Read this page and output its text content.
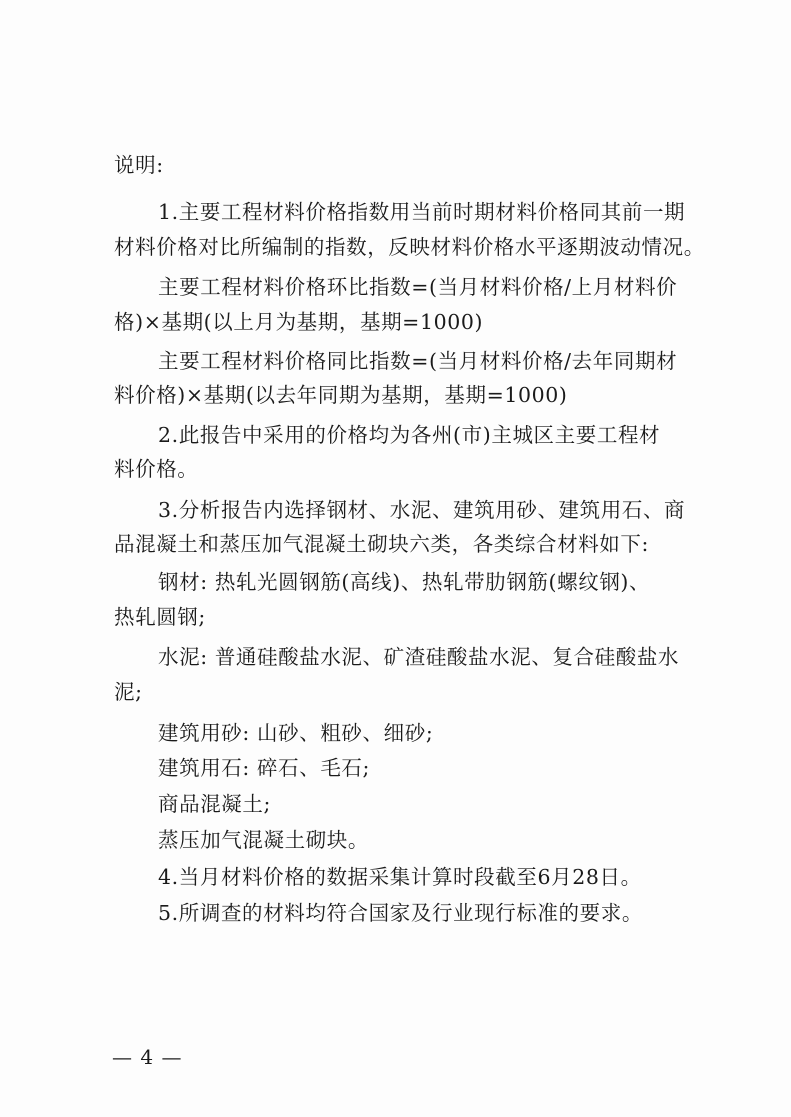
说明:
1.主要工程材料价格指数用当前时期材料价格同其前一期
材料价格对比所编制的指数，反映材料价格水平逐期波动情况。
主要工程材料价格环比指数=(当月材料价格/上月材料价
格)×基期(以上月为基期，基期=1000)
主要工程材料价格同比指数=(当月材料价格/去年同期材
料价格)×基期(以去年同期为基期，基期=1000)
2.此报告中采用的价格均为各州(市)主城区主要工程材
料价格。
3.分析报告内选择钢材、水泥、建筑用砂、建筑用石、商
品混凝土和蒸压加气混凝土砌块六类，各类综合材料如下:
钢材: 热轧光圆钢筋(高线)、热轧带肋钢筋(螺纹钢)、
热轧圆钢;
水泥: 普通硅酸盐水泥、矿渣硅酸盐水泥、复合硅酸盐水
泥;
建筑用砂: 山砂、粗砂、细砂;
建筑用石: 碎石、毛石;
商品混凝土;
蒸压加气混凝土砌块。
4.当月材料价格的数据采集计算时段截至6月28日。
5.所调查的材料均符合国家及行业现行标准的要求。
— 4 —
